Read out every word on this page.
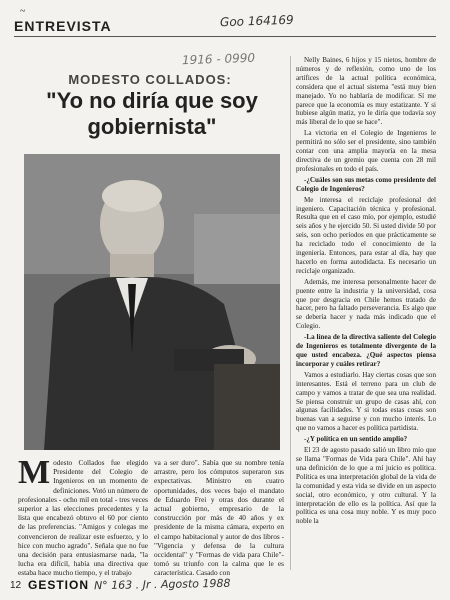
~
ENTREVISTA	Goo 164169
1916 - 0990
MODESTO COLLADOS:
"Yo no diría que soy gobiernista"
M odesto Collados fue elegido Presidente del Colegio de Ingenieros en un momento de definiciones. Votó un número de profesionales - ocho mil en total - tres veces superior a las elecciones precedentes y la lista que encabezó obtuvo el 60 por ciento de las preferencias. "Amigos y colegas me convencieron de realizar este esfuerzo, y lo hice con mucho agrado". Señala que no fue una decisión para entusiasmarse nada, "la lucha era difícil, había una directiva que estaba hace mucho tiempo, y el trabajo
va a ser duro". Sabía que su nombre tenía arrastre, pero los cómputos superaron sus expectativas. Ministro en cuatro oportunidades, dos veces bajo el mandato de Eduardo Frei y otras dos durante el actual gobierno, empresario de la construcción por más de 40 años y ex presidente de la misma cámara, experto en el campo habitacional y autor de dos libros -"Vigencia y defensa de la cultura occidental" y "Formas de vida para Chile"- tomó su triunfo con la calma que le es característica. Casado con

Nelly Baines, 6 hijos y 15 nietos, hombre de números y de reflexión, como uno de los artífices de la actual política económica, considera que el actual sistema "está muy bien manejado. Yo no hablaría de modificar. Sí me parece que la economía es muy estatizante. Y si hubiese algún matiz, yo le diría que todavía soy más liberal de lo que se hace".

La victoria en el Colegio de Ingenieros le permitirá no sólo ser el presidente, sino también contar con una amplia mayoría en la mesa directiva de un gremio que cuenta con 28 mil profesionales en todo el país.

-¿Cuáles son sus metas como presidente del Colegio de Ingenieros?

Me interesa el reciclaje profesional del ingeniero. Capacitación técnica y profesional. Resulta que en el caso mío, por ejemplo, estudié seis años y he ejercido 50. Si usted divide 50 por seis, son ocho períodos en que prácticamente se ha reciclado todo el conocimiento de la ingeniería. Entonces, para estar al día, hay que hacerlo en forma autodidacta. Es necesario un reciclaje organizado.

Además, me interesa personalmente hacer de puente entre la industria y la universidad, cosa que por desgracia en Chile hemos tratado de hacer, pero ha faltado perseverancia. Es algo que se debería hacer y nada más indicado que el Colegio.

-La línea de la directiva saliente del Colegio de Ingenieros es totalmente divergente de la que usted encabeza. ¿Qué aspectos piensa incorporar y cuáles retirar?

Vamos a estudiarlo. Hay ciertas cosas que son interesantes. Está el terreno para un club de campo y vamos a tratar de que sea una realidad. Se piensa construir un grupo de casas ahí, con algunas facilidades. Y si todas estas cosas son buenas van a seguirse y con mucho interés. Lo que no vamos a hacer es política partidista.

-¿Y política en un sentido amplio?

El 23 de agosto pasado salió un libro mío que se llama "Formas de Vida para Chile". Ahí hay una definición de lo que a mí juicio es política. Política es una interpretación global de la vida de la comunidad y esta vida se divide en un aspecto social, otro económico, y otro cultural. Y la interpretación de ello es la política. Así que la política es una cosa muy noble. Y es muy poco noble la

12 GESTION N° 163 . Jr . Agosto 1988
